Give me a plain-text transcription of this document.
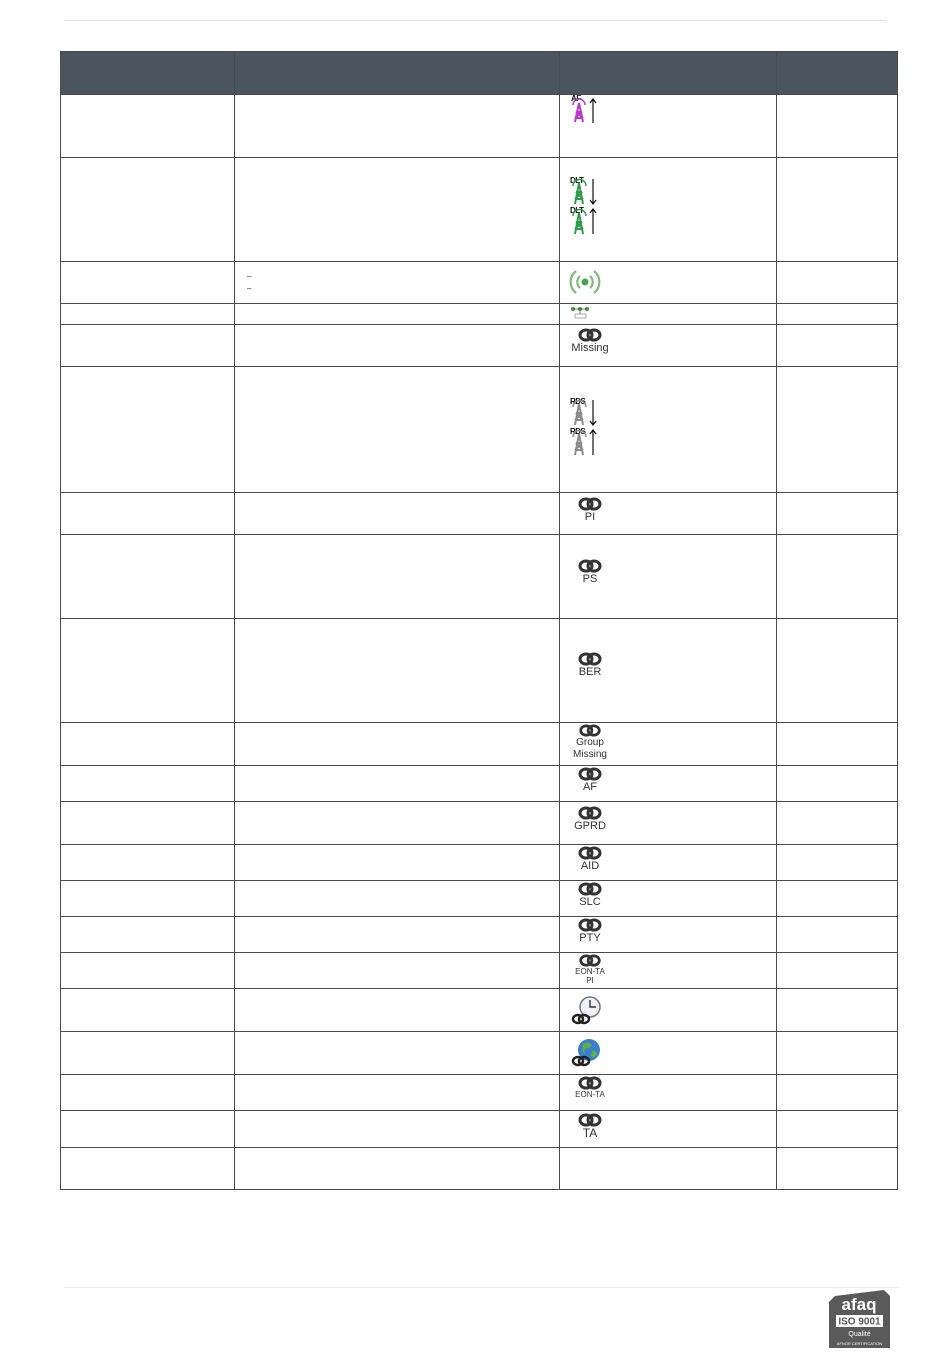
		AF	

		DLT
DLT	

	–
–

		Missing	

		RDS
RDS	

		PI	

		PS	

		BER	

		Group
Missing	

		AF	

		GPRD	

		AID	

		SLC	

		PTY	

		EON-TA
PI	

		EON-TA	

		TA	

afaq
ISO 9001
Qualité
AFNOR CERTIFICATION
